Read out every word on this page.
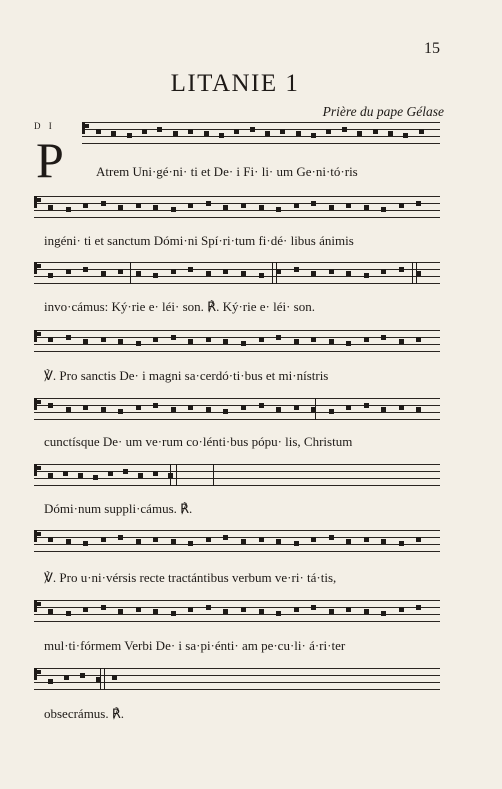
15
LITANIE 1
Prière du pape Gélase
D I
P Atrem Uni·gé·ni· ti et De· i Fi· li· um Ge·ni·tó·ris
ingéni· ti et sanctum Dómi·ni Spí·ri·tum fi·dé· libus ánimis
invo·cámus: Ký·rie e· léi· son. ℟. Ký·rie e· léi· son.
℣. Pro sanctis De· i magni sa·cerdó·ti·bus et mi·nístris
cunctísque De· um ve·rum co·lénti·bus pópu· lis, Christum
Dómi·num suppli·cámus. ℟.
℣. Pro u·ni·vérsis recte tractántibus verbum ve·ri· tá·tis,
mul·ti·fórmem Verbi De· i sa·pi·énti· am pe·cu·li· á·ri·ter
obsecrámus. ℟.
